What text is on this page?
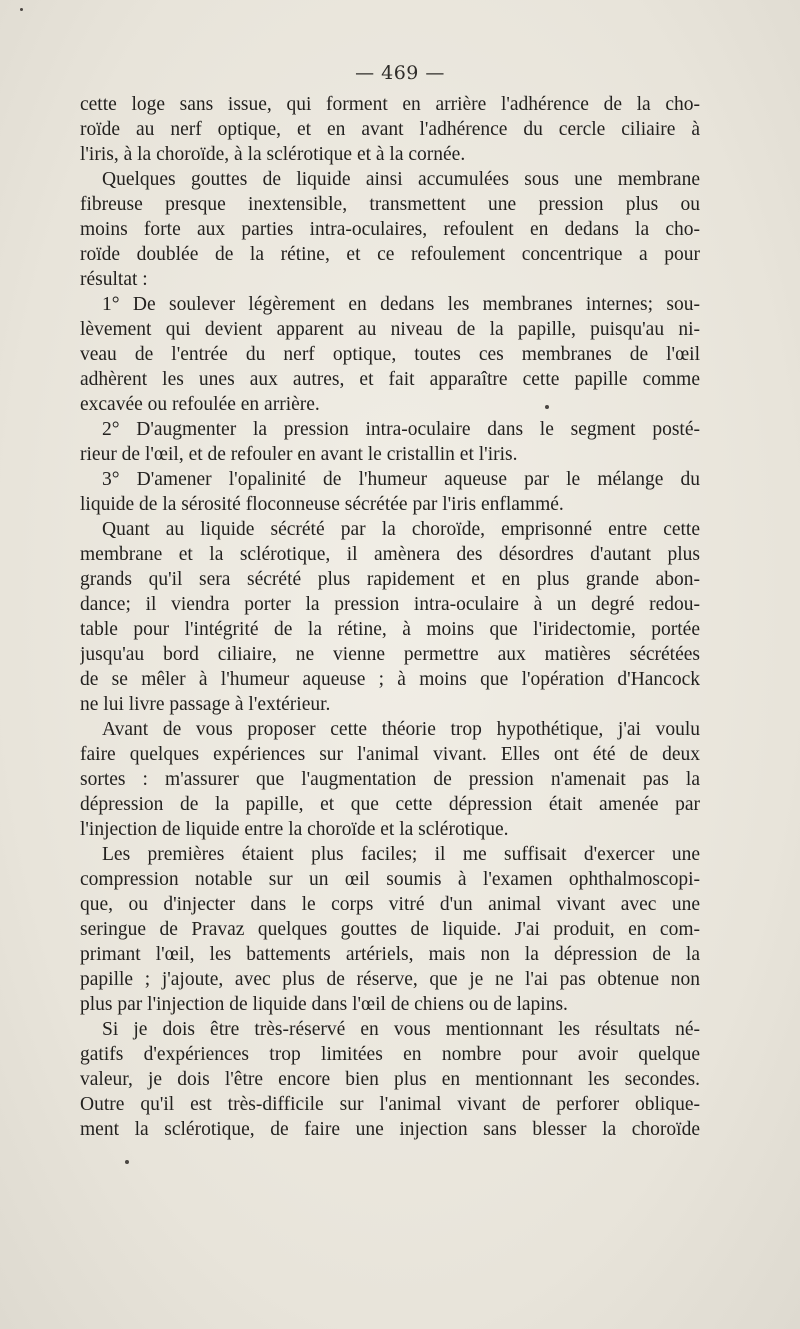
— 469 —
cette loge sans issue, qui forment en arrière l'adhérence de la cho-
roïde au nerf optique, et en avant l'adhérence du cercle ciliaire à
l'iris, à la choroïde, à la sclérotique et à la cornée.
Quelques gouttes de liquide ainsi accumulées sous une membrane
fibreuse presque inextensible, transmettent une pression plus ou
moins forte aux parties intra-oculaires, refoulent en dedans la cho-
roïde doublée de la rétine, et ce refoulement concentrique a pour
résultat :
1° De soulever légèrement en dedans les membranes internes; sou-
lèvement qui devient apparent au niveau de la papille, puisqu'au ni-
veau de l'entrée du nerf optique, toutes ces membranes de l'œil
adhèrent les unes aux autres, et fait apparaître cette papille comme
excavée ou refoulée en arrière.
2° D'augmenter la pression intra-oculaire dans le segment posté-
rieur de l'œil, et de refouler en avant le cristallin et l'iris.
3° D'amener l'opalinité de l'humeur aqueuse par le mélange du
liquide de la sérosité floconneuse sécrétée par l'iris enflammé.
Quant au liquide sécrété par la choroïde, emprisonné entre cette
membrane et la sclérotique, il amènera des désordres d'autant plus
grands qu'il sera sécrété plus rapidement et en plus grande abon-
dance; il viendra porter la pression intra-oculaire à un degré redou-
table pour l'intégrité de la rétine, à moins que l'iridectomie, portée
jusqu'au bord ciliaire, ne vienne permettre aux matières sécrétées
de se mêler à l'humeur aqueuse ; à moins que l'opération d'Hancock
ne lui livre passage à l'extérieur.
Avant de vous proposer cette théorie trop hypothétique, j'ai voulu
faire quelques expériences sur l'animal vivant. Elles ont été de deux
sortes : m'assurer que l'augmentation de pression n'amenait pas la
dépression de la papille, et que cette dépression était amenée par
l'injection de liquide entre la choroïde et la sclérotique.
Les premières étaient plus faciles; il me suffisait d'exercer une
compression notable sur un œil soumis à l'examen ophthalmoscopi-
que, ou d'injecter dans le corps vitré d'un animal vivant avec une
seringue de Pravaz quelques gouttes de liquide. J'ai produit, en com-
primant l'œil, les battements artériels, mais non la dépression de la
papille ; j'ajoute, avec plus de réserve, que je ne l'ai pas obtenue non
plus par l'injection de liquide dans l'œil de chiens ou de lapins.
Si je dois être très-réservé en vous mentionnant les résultats né-
gatifs d'expériences trop limitées en nombre pour avoir quelque
valeur, je dois l'être encore bien plus en mentionnant les secondes.
Outre qu'il est très-difficile sur l'animal vivant de perforer oblique-
ment la sclérotique, de faire une injection sans blesser la choroïde
